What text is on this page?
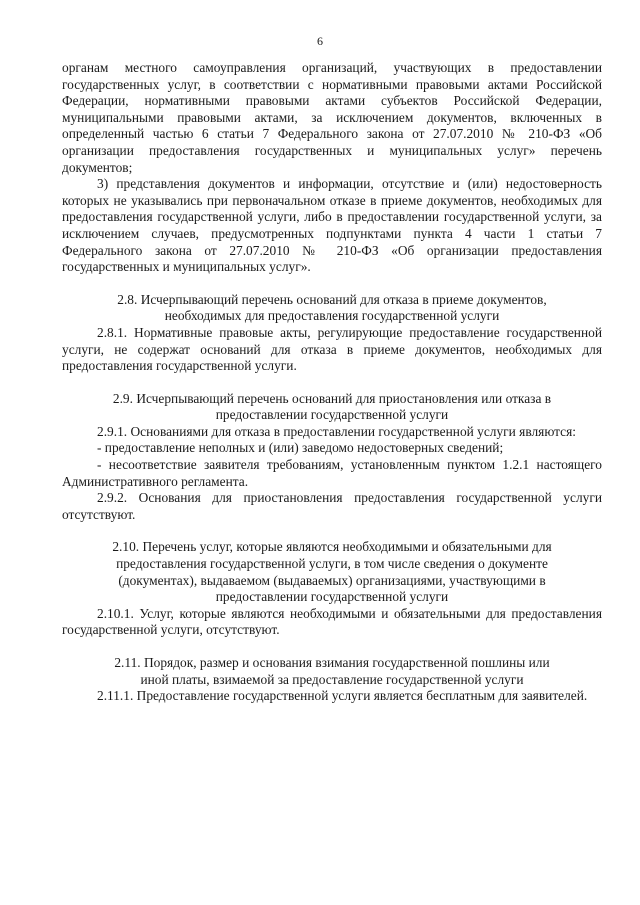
6

органам местного самоуправления организаций, участвующих в предоставлении государственных услуг, в соответствии с нормативными правовыми актами Российской Федерации, нормативными правовыми актами субъектов Российской Федерации, муниципальными правовыми актами, за исключением документов, включенных в определенный частью 6 статьи 7 Федерального закона от 27.07.2010 № 210-ФЗ «Об организации предоставления государственных и муниципальных услуг» перечень документов;

3) представления документов и информации, отсутствие и (или) недостоверность которых не указывались при первоначальном отказе в приеме документов, необходимых для предоставления государственной услуги, либо в предоставлении государственной услуги, за исключением случаев, предусмотренных подпунктами пункта 4 части 1 статьи 7 Федерального закона от 27.07.2010 № 210-ФЗ «Об организации предоставления государственных и муниципальных услуг».

2.8. Исчерпывающий перечень оснований для отказа в приеме документов, необходимых для предоставления государственной услуги

2.8.1. Нормативные правовые акты, регулирующие предоставление государственной услуги, не содержат оснований для отказа в приеме документов, необходимых для предоставления государственной услуги.

2.9. Исчерпывающий перечень оснований для приостановления или отказа в предоставлении государственной услуги

2.9.1. Основаниями для отказа в предоставлении государственной услуги являются:

- предоставление неполных и (или) заведомо недостоверных сведений;

- несоответствие заявителя требованиям, установленным пунктом 1.2.1 настоящего Административного регламента.

2.9.2. Основания для приостановления предоставления государственной услуги отсутствуют.

2.10. Перечень услуг, которые являются необходимыми и обязательными для предоставления государственной услуги, в том числе сведения о документе (документах), выдаваемом (выдаваемых) организациями, участвующими в предоставлении государственной услуги

2.10.1. Услуг, которые являются необходимыми и обязательными для предоставления государственной услуги, отсутствуют.

2.11. Порядок, размер и основания взимания государственной пошлины или иной платы, взимаемой за предоставление государственной услуги

2.11.1. Предоставление государственной услуги является бесплатным для заявителей.
